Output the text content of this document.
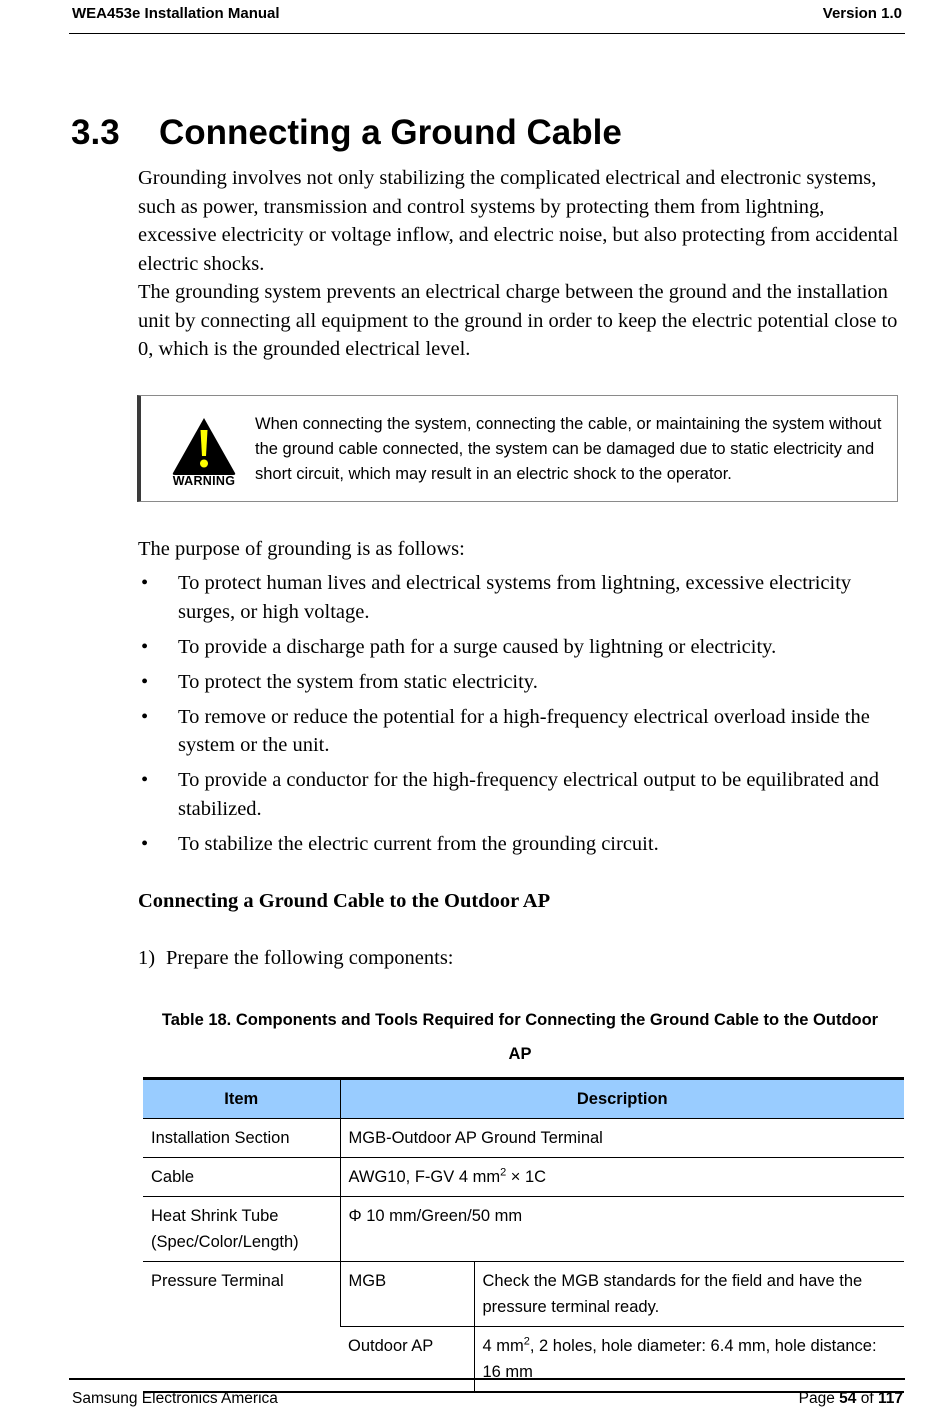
WEA453e Installation Manual	Version 1.0
3.3 Connecting a Ground Cable

Grounding involves not only stabilizing the complicated electrical and electronic systems, such as power, transmission and control systems by protecting them from lightning, excessive electricity or voltage inflow, and electric noise, but also protecting from accidental electric shocks.

The grounding system prevents an electrical charge between the ground and the installation unit by connecting all equipment to the ground in order to keep the electric potential close to 0, which is the grounded electrical level.

WARNING
When connecting the system, connecting the cable, or maintaining the system without the ground cable connected, the system can be damaged due to static electricity and short circuit, which may result in an electric shock to the operator.
The purpose of grounding is as follows:
• To protect human lives and electrical systems from lightning, excessive electricity surges, or high voltage.
• To provide a discharge path for a surge caused by lightning or electricity.
• To protect the system from static electricity.
• To remove or reduce the potential for a high-frequency electrical overload inside the system or the unit.
• To provide a conductor for the high-frequency electrical output to be equilibrated and stabilized.
• To stabilize the electric current from the grounding circuit.
Connecting a Ground Cable to the Outdoor AP
1) Prepare the following components:
Table 18. Components and Tools Required for Connecting the Ground Cable to the Outdoor AP
Item	Description	
Installation Section	MGB-Outdoor AP Ground Terminal	
Cable	AWG10, F-GV 4 $mm^2 \times 1C$	
Heat Shrink Tube
(Spec/Color/Length)	Φ 10 mm/Green/50 mm	
Pressure Terminal	MGB	Check the MGB standards for the field and have the pressure terminal ready.
	Outdoor AP	4 $mm^2$, 2 holes, hole diameter: 6.4 mm, hole distance: 16 mm
Samsung Electronics America	Page 54 of 117
